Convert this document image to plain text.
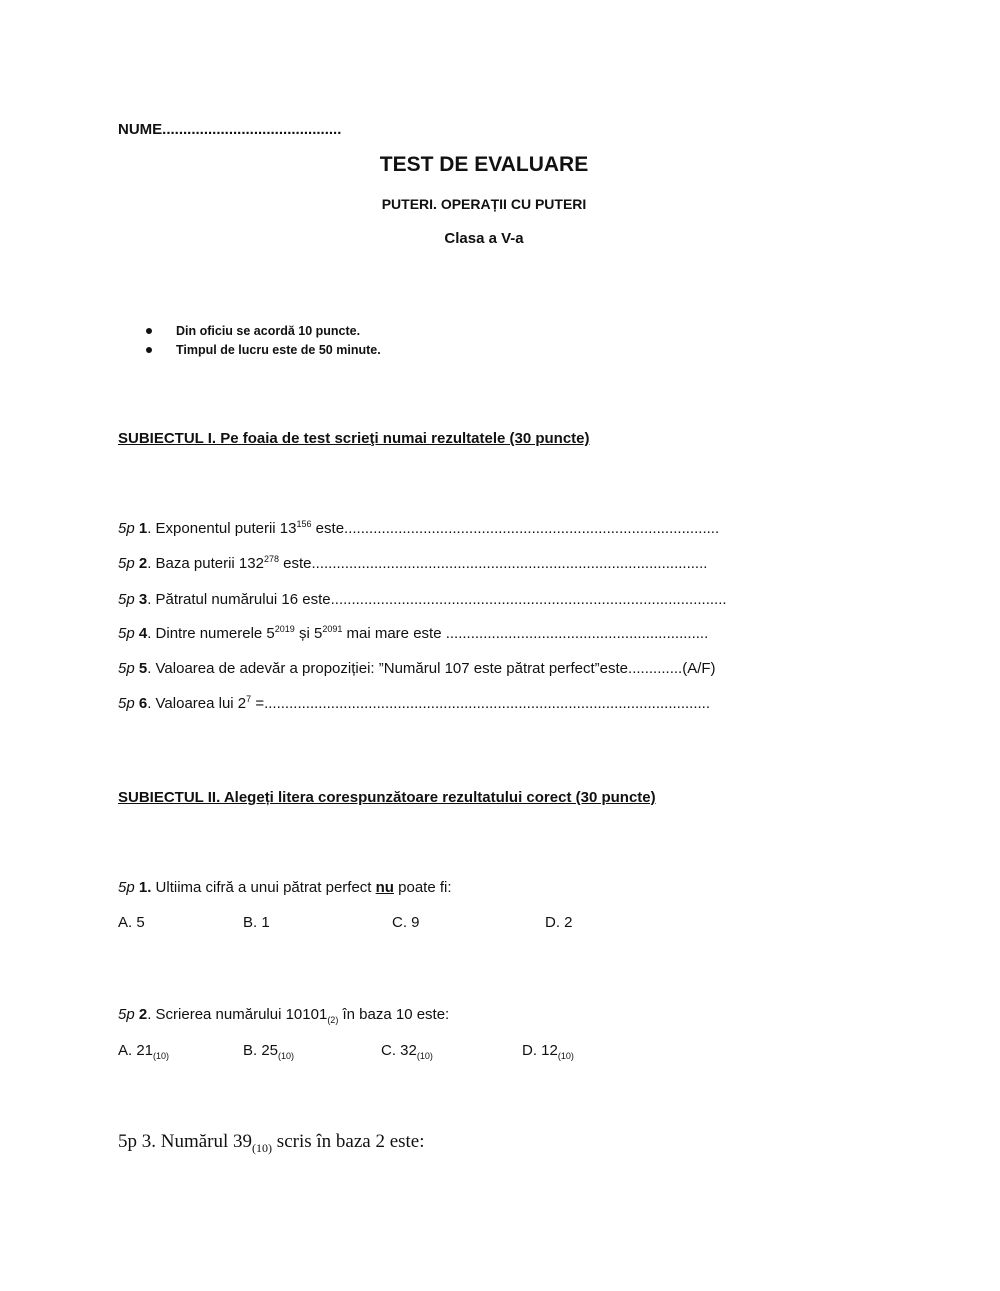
NUME...........................................
TEST DE EVALUARE
PUTERI. OPERAȚII CU PUTERI
Clasa a V-a
Din oficiu se acordă 10 puncte.
Timpul de lucru este de 50 minute.
SUBIECTUL I. Pe foaia de test scrieţi numai rezultatele (30 puncte)
5p 1. Exponentul puterii $13^{156}$ este..........................................................................................
5p 2. Baza puterii $132^{278}$ este...............................................................................................
5p 3. Pătratul numărului 16 este...............................................................................................
5p 4. Dintre numerele $5^{2019}$ și $5^{2091}$ mai mare este ...............................................................
5p 5. Valoarea de adevăr a propoziției: ”Numărul 107 este pătrat perfect”este.............(A/F)
5p 6. Valoarea lui $2^7$ =...........................................................................................................
SUBIECTUL II. Alegeți litera corespunzătoare rezultatului corect (30 puncte)
5p 1. Ultiima cifră a unui pătrat perfect nu poate fi:
A. 5	B. 1	C. 9	D. 2
5p 2. Scrierea numărului $10101_{(2)}$ în baza 10 este:
A. $21_{(10)}$	B. $25_{(10)}$	C. $32_{(10)}$	D. $12_{(10)}$
5p 3. Numărul $39_{(10)}$ scris în baza 2 este:
